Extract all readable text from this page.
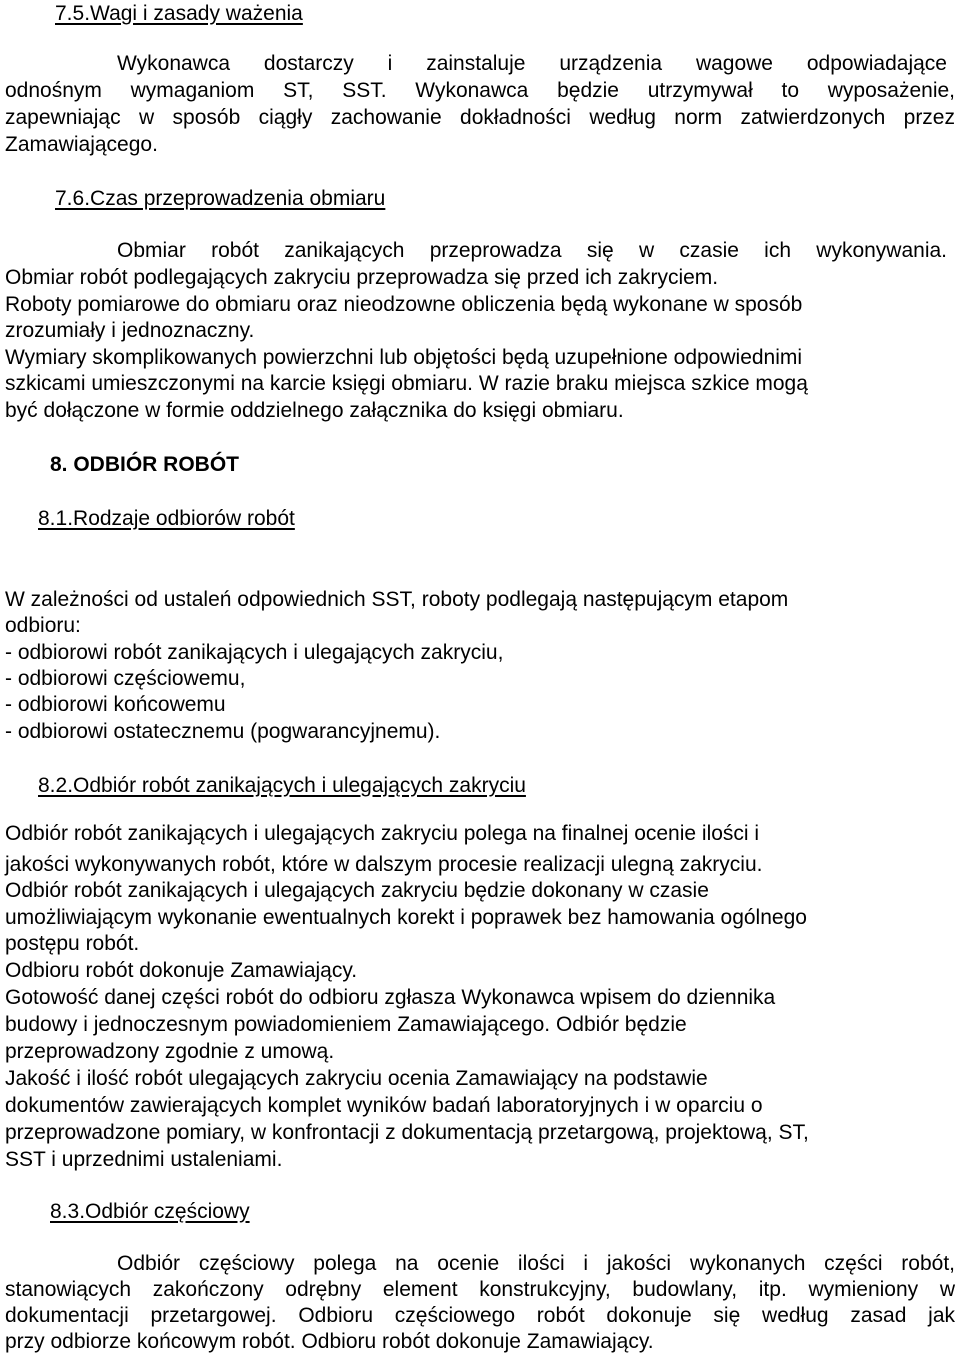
7.5.Wagi i zasady ważenia
Wykonawca dostarczy i zainstaluje urządzenia wagowe odpowiadające
odnośnym wymaganiom ST, SST. Wykonawca będzie utrzymywał to wyposażenie,
zapewniając w sposób ciągły zachowanie dokładności według norm zatwierdzonych przez
Zamawiającego.
7.6.Czas przeprowadzenia obmiaru
Obmiar robót zanikających przeprowadza się w czasie ich wykonywania.
Obmiar robót podlegających zakryciu przeprowadza się przed ich zakryciem.
Roboty pomiarowe do obmiaru oraz nieodzowne obliczenia będą wykonane w sposób
zrozumiały i jednoznaczny.
Wymiary skomplikowanych powierzchni lub objętości będą uzupełnione odpowiednimi
szkicami umieszczonymi na karcie księgi obmiaru. W razie braku miejsca szkice mogą
być dołączone w formie oddzielnego załącznika do księgi obmiaru.
8. ODBIÓR ROBÓT
8.1.Rodzaje odbiorów robót
W zależności od ustaleń odpowiednich SST, roboty podlegają następującym etapom
odbioru:
- odbiorowi robót zanikających i ulegających zakryciu,
- odbiorowi częściowemu,
- odbiorowi końcowemu
- odbiorowi ostatecznemu (pogwarancyjnemu).
8.2.Odbiór robót zanikających i ulegających zakryciu
Odbiór robót zanikających i ulegających zakryciu polega na finalnej ocenie ilości i
jakości wykonywanych robót, które w dalszym procesie realizacji ulegną zakryciu.
Odbiór robót zanikających i ulegających zakryciu będzie dokonany w czasie
umożliwiającym wykonanie ewentualnych korekt i poprawek bez hamowania ogólnego
postępu robót.
Odbioru robót dokonuje Zamawiający.
Gotowość danej części robót do odbioru zgłasza Wykonawca wpisem do dziennika
budowy i jednoczesnym powiadomieniem Zamawiającego. Odbiór będzie
przeprowadzony zgodnie z umową.
Jakość i ilość robót ulegających zakryciu ocenia Zamawiający na podstawie
dokumentów zawierających komplet wyników badań laboratoryjnych i w oparciu o
przeprowadzone pomiary, w konfrontacji z dokumentacją przetargową, projektową, ST,
SST i uprzednimi ustaleniami.
8.3.Odbiór częściowy
Odbiór częściowy polega na ocenie ilości i jakości wykonanych części robót,
stanowiących zakończony odrębny element konstrukcyjny, budowlany, itp. wymieniony w
dokumentacji przetargowej. Odbioru częściowego robót dokonuje się według zasad jak
przy odbiorze końcowym robót. Odbioru robót dokonuje Zamawiający.
